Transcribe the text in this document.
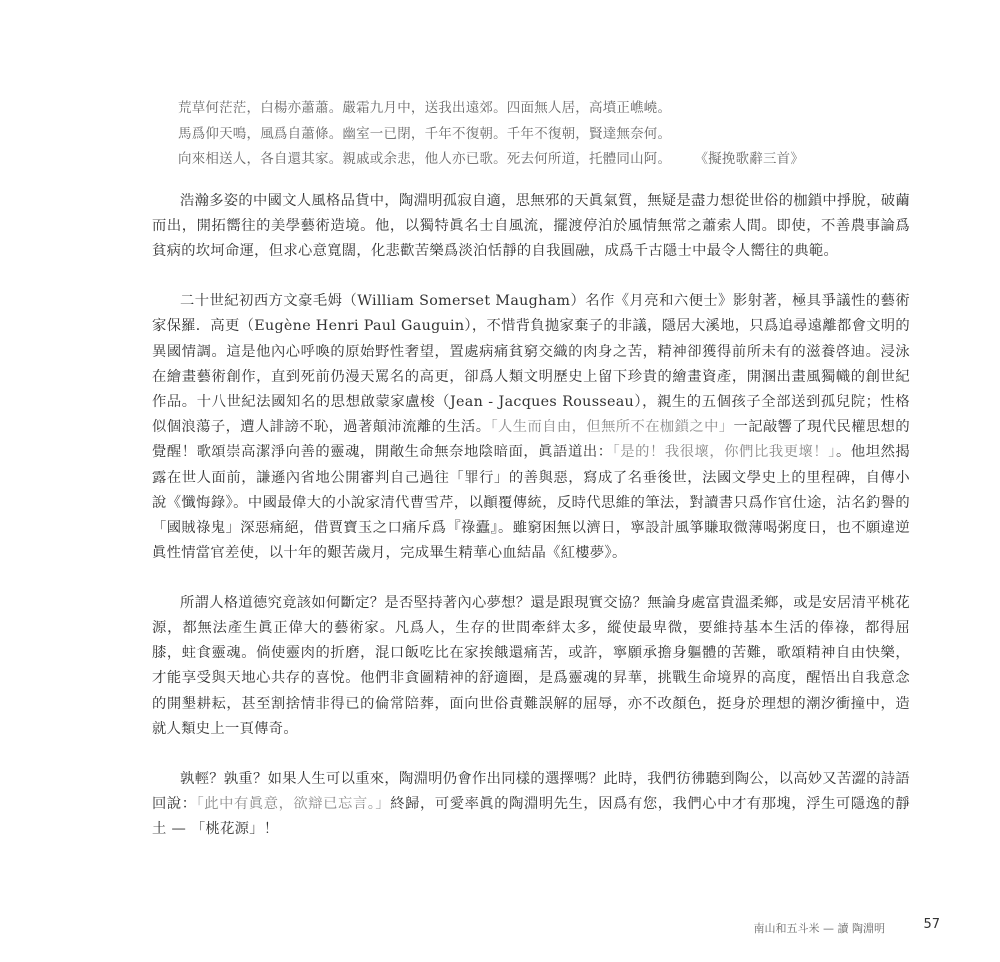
荒草何茫茫，白楊亦蕭蕭。嚴霜九月中，送我出遠郊。四面無人居，高墳正嶕嶢。
馬爲仰天鳴，風爲自蕭條。幽室一已閉，千年不復朝。千年不復朝，賢達無奈何。
向來相送人，各自還其家。親戚或余悲，他人亦已歌。死去何所道，托體同山阿。 《擬挽歌辭三首》

浩瀚多姿的中國文人風格品貨中，陶淵明孤寂自適，思無邪的天眞氣質，無疑是盡力想從世俗的枷鎖中掙脫，破繭而出，開拓嚮往的美學藝術造境。他，以獨特眞名士自風流，擺渡停泊於風情無常之蕭索人間。即使，不善農事論爲貧病的坎坷命運，但求心意寬闊，化悲歡苦樂爲淡泊恬靜的自我圓融，成爲千古隱士中最令人嚮往的典範。

二十世紀初西方文豪毛姆（William Somerset Maugham）名作《月亮和六便士》影射著，極具爭議性的藝術家保羅．高更（Eugène Henri Paul Gauguin），不惜背負拋家棄子的非議，隱居大溪地，只爲追尋遠離都會文明的異國情調。這是他內心呼喚的原始野性奢望，置處病痛貧窮交織的肉身之苦，精神卻獲得前所未有的滋養啓迪。浸泳在繪畫藝術創作，直到死前仍漫天罵名的高更，卻爲人類文明歷史上留下珍貴的繪畫資產，開溷出畫風獨幟的創世紀作品。十八世紀法國知名的思想啟蒙家盧梭（Jean - Jacques Rousseau），親生的五個孩子全部送到孤兒院；性格似個浪蕩子，遭人誹謗不恥，過著顛沛流離的生活。「人生而自由，但無所不在枷鎖之中」一記敲響了現代民權思想的覺醒！歌頌崇高潔淨向善的靈魂，開敞生命無奈地陰暗面，眞語道出：「是的！我很壞，你們比我更壞！」。他坦然揭露在世人面前，謙遜內省地公開審判自己過往「罪行」的善與惡，寫成了名垂後世，法國文學史上的里程碑，自傳小說《懺悔錄》。中國最偉大的小說家清代曹雪芹，以顚覆傳統，反時代思維的筆法，對讀書只爲作官仕途，沽名釣譽的「國賊祿鬼」深惡痛絕，借賈寶玉之口痛斥爲『祿蠹』。雖窮困無以濟日，寧設計風箏賺取微薄喝粥度日，也不願違逆眞性情當官差使，以十年的艱苦歲月，完成畢生精華心血結晶《紅樓夢》。

所謂人格道德究竟該如何斷定？是否堅持著內心夢想？還是跟現實交協？無論身處富貴溫柔鄉，或是安居清平桃花源，都無法產生眞正偉大的藝術家。凡爲人，生存的世間牽絆太多，縱使最卑微，要維持基本生活的俸祿，都得屈膝，蛀食靈魂。倘使靈肉的折磨，混口飯吃比在家挨餓還痛苦，或許，寧願承擔身軀體的苦難，歌頌精神自由快樂，才能享受與天地心共存的喜悅。他們非貪圖精神的舒適圈，是爲靈魂的昇華，挑戰生命境界的高度，醒悟出自我意念的開墾耕耘，甚至割捨情非得已的倫常陪葬，面向世俗責難誤解的屈辱，亦不改顏色，挺身於理想的潮汐衝撞中，造就人類史上一頁傳奇。

孰輕？孰重？如果人生可以重來，陶淵明仍會作出同樣的選擇嗎？此時，我們彷彿聽到陶公，以高妙又苦澀的詩語回說：「此中有眞意，欲辯已忘言。」終歸，可愛率眞的陶淵明先生，因爲有您，我們心中才有那塊，浮生可隱逸的靜土 — 「桃花源」！

南山和五斗米 — 讀 陶淵明	57
